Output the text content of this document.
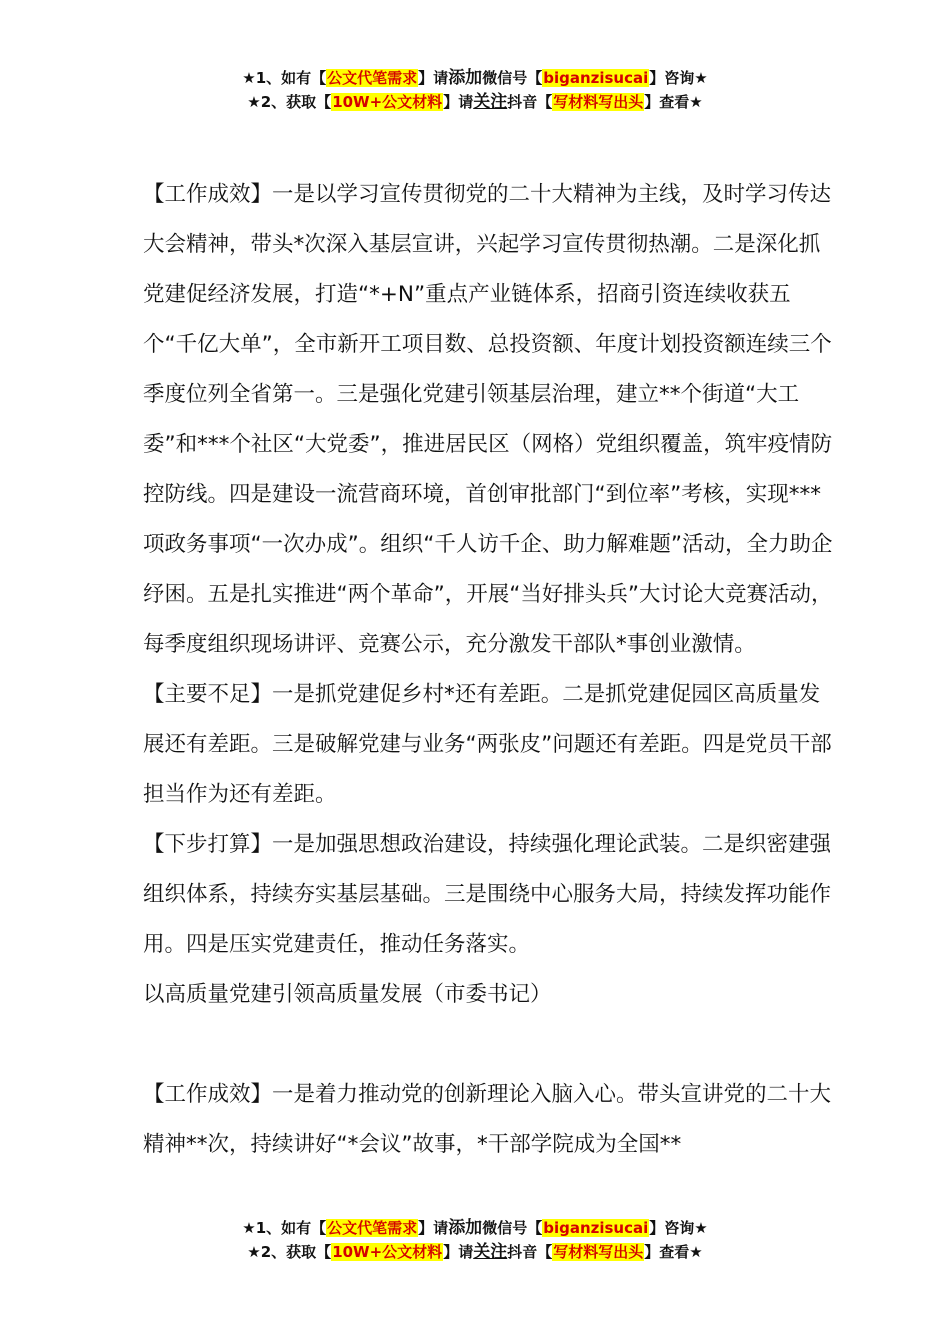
★1、如有【公文代笔需求】请添加微信号【biganzisucai】咨询★
★2、获取【10W+公文材料】请关注抖音【写材料写出头】查看★

【工作成效】一是以学习宣传贯彻党的二十大精神为主线，及时学习传达大会精神，带头*次深入基层宣讲，兴起学习宣传贯彻热潮。二是深化抓党建促经济发展，打造“*+N”重点产业链体系，招商引资连续收获五个“千亿大单”，全市新开工项目数、总投资额、年度计划投资额连续三个季度位列全省第一。三是强化党建引领基层治理，建立**个街道“大工委”和***个社区“大党委”，推进居民区（网格）党组织覆盖，筑牢疫情防控防线。四是建设一流营商环境，首创审批部门“到位率”考核，实现***项政务事项“一次办成”。组织“千人访千企、助力解难题”活动，全力助企纾困。五是扎实推进“两个革命”，开展“当好排头兵”大讨论大竞赛活动，每季度组织现场讲评、竞赛公示，充分激发干部队*事创业激情。

【主要不足】一是抓党建促乡村*还有差距。二是抓党建促园区高质量发展还有差距。三是破解党建与业务“两张皮”问题还有差距。四是党员干部担当作为还有差距。

【下步打算】一是加强思想政治建设，持续强化理论武装。二是织密建强组织体系，持续夯实基层基础。三是围绕中心服务大局，持续发挥功能作用。四是压实党建责任，推动任务落实。

以高质量党建引领高质量发展（市委书记）

【工作成效】一是着力推动党的创新理论入脑入心。带头宣讲党的二十大精神**次，持续讲好“*会议”故事，*干部学院成为全国**

★1、如有【公文代笔需求】请添加微信号【biganzisucai】咨询★
★2、获取【10W+公文材料】请关注抖音【写材料写出头】查看★
